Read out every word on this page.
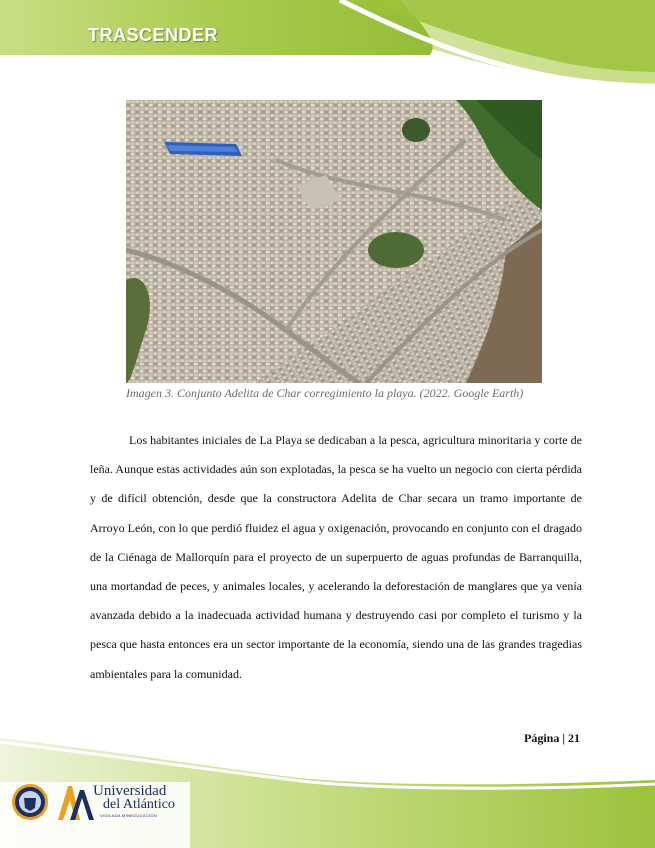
TRASCENDER
Imagen 3. Conjunto Adelita de Char corregimiento la playa. (2022. Google Earth)

Los habitantes iniciales de La Playa se dedicaban a la pesca, agricultura minoritaria y corte de leña. Aunque estas actividades aún son explotadas, la pesca se ha vuelto un negocio con cierta pérdida y de difícil obtención, desde que la constructora Adelita de Char secara un tramo importante de Arroyo León, con lo que perdió fluidez el agua y oxigenación, provocando en conjunto con el dragado de la Ciénaga de Mallorquín para el proyecto de un superpuerto de aguas profundas de Barranquilla, una mortandad de peces, y animales locales, y acelerando la deforestación de manglares que ya venía avanzada debido a la inadecuada actividad humana y destruyendo casi por completo el turismo y la pesca que hasta entonces era un sector importante de la economía, siendo una de las grandes tragedias ambientales para la comunidad.

Página | 21
Universidad
del Atlántico
VIGILADA MINEDUCACIÓN
